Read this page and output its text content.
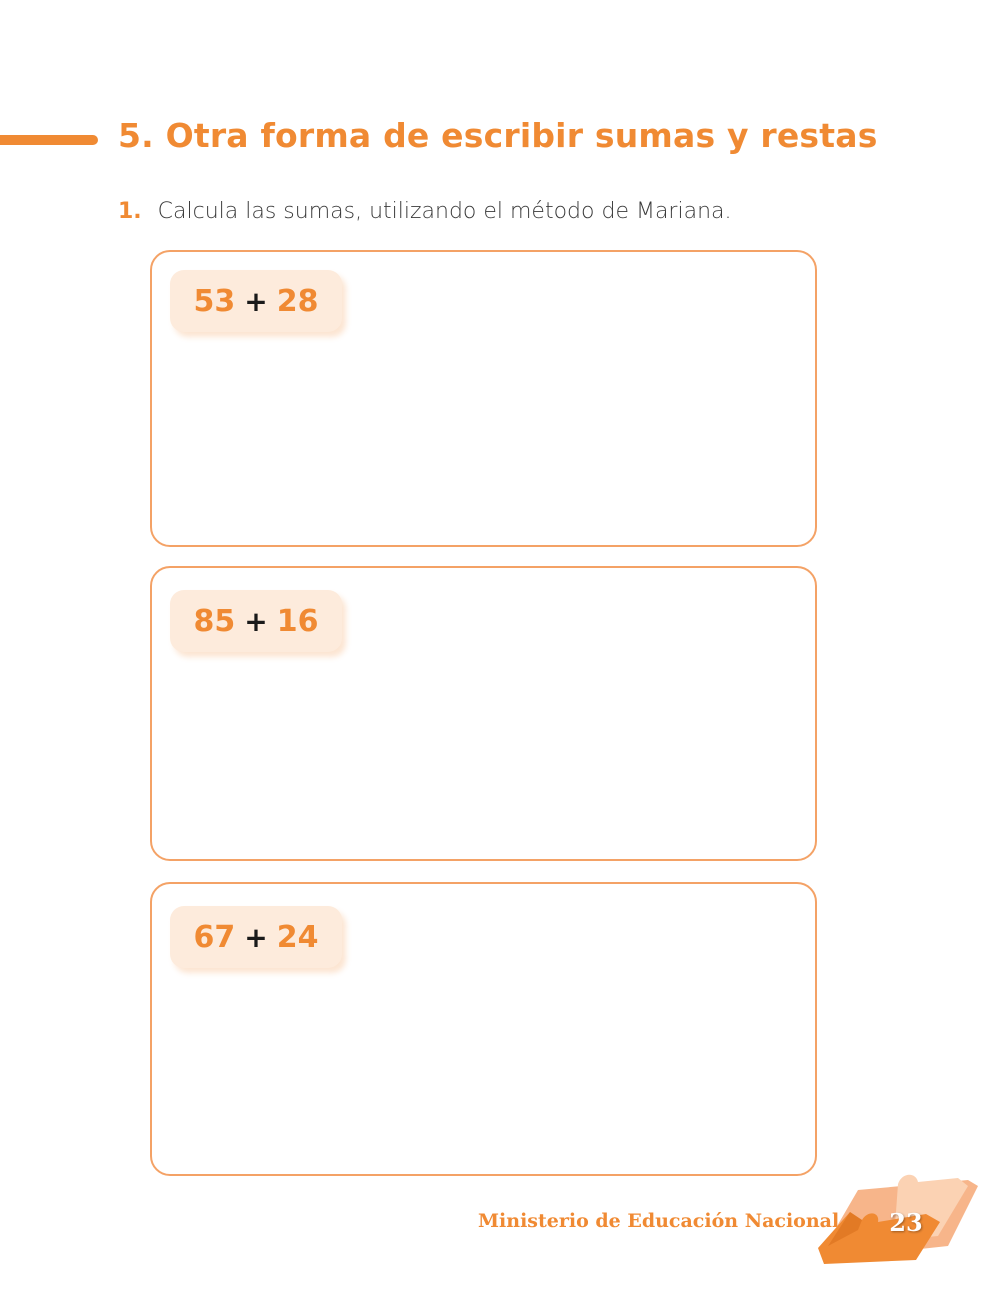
5. Otra forma de escribir sumas y restas
1. Calcula las sumas, utilizando el método de Mariana.
53 + 28
85 + 16
67 + 24
Ministerio de Educación Nacional	23
